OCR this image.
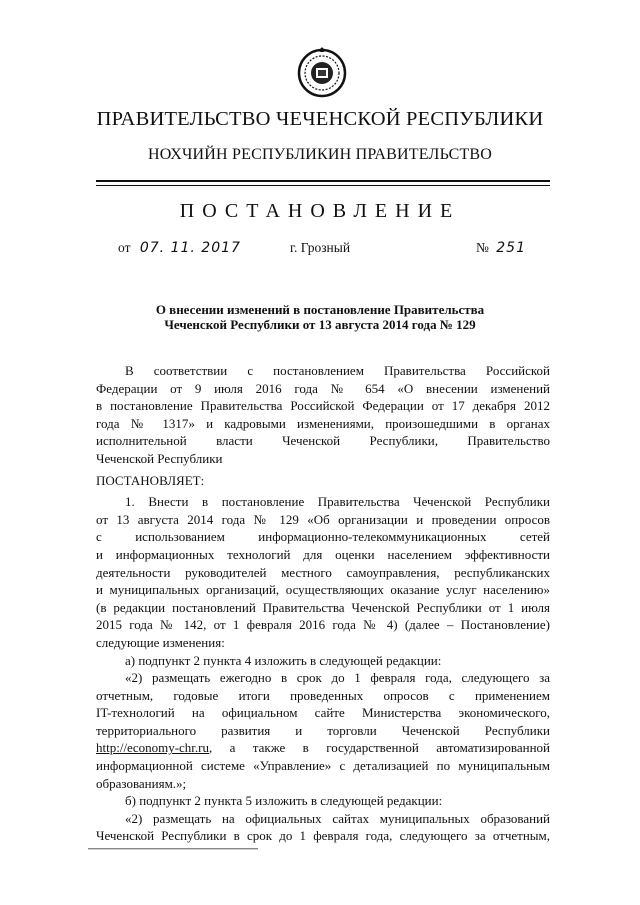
ПРАВИТЕЛЬСТВО ЧЕЧЕНСКОЙ РЕСПУБЛИКИ
НОХЧИЙН РЕСПУБЛИКИН ПРАВИТЕЛЬСТВО
ПОСТАНОВЛЕНИЕ
от 07. 11. 2017	г. Грозный	№ 251
О внесении изменений в постановление Правительства
Чеченской Республики от 13 августа 2014 года № 129

В соответствии с постановлением Правительства Российской

Федерации от 9 июля 2016 года № 654 «О внесении изменений

в постановление Правительства Российской Федерации от 17 декабря 2012

года № 1317» и кадровыми изменениями, произошедшими в органах

исполнительной власти Чеченской Республики, Правительство

Чеченской Республики

ПОСТАНОВЛЯЕТ:

1. Внести в постановление Правительства Чеченской Республики

от 13 августа 2014 года № 129 «Об организации и проведении опросов

с использованием информационно-телекоммуникационных сетей

и информационных технологий для оценки населением эффективности

деятельности руководителей местного самоуправления, республиканских

и муниципальных организаций, осуществляющих оказание услуг населению»

(в редакции постановлений Правительства Чеченской Республики от 1 июля

2015 года № 142, от 1 февраля 2016 года № 4) (далее – Постановление)

следующие изменения:

а) подпункт 2 пункта 4 изложить в следующей редакции:

«2) размещать ежегодно в срок до 1 февраля года, следующего за

отчетным, годовые итоги проведенных опросов с применением

IT-технологий на официальном сайте Министерства экономического,

территориального развития и торговли Чеченской Республики

http://economy-chr.ru, а также в государственной автоматизированной

информационной системе «Управление» с детализацией по муниципальным

образованиям.»;

б) подпункт 2 пункта 5 изложить в следующей редакции:

«2) размещать на официальных сайтах муниципальных образований

Чеченской Республики в срок до 1 февраля года, следующего за отчетным,
